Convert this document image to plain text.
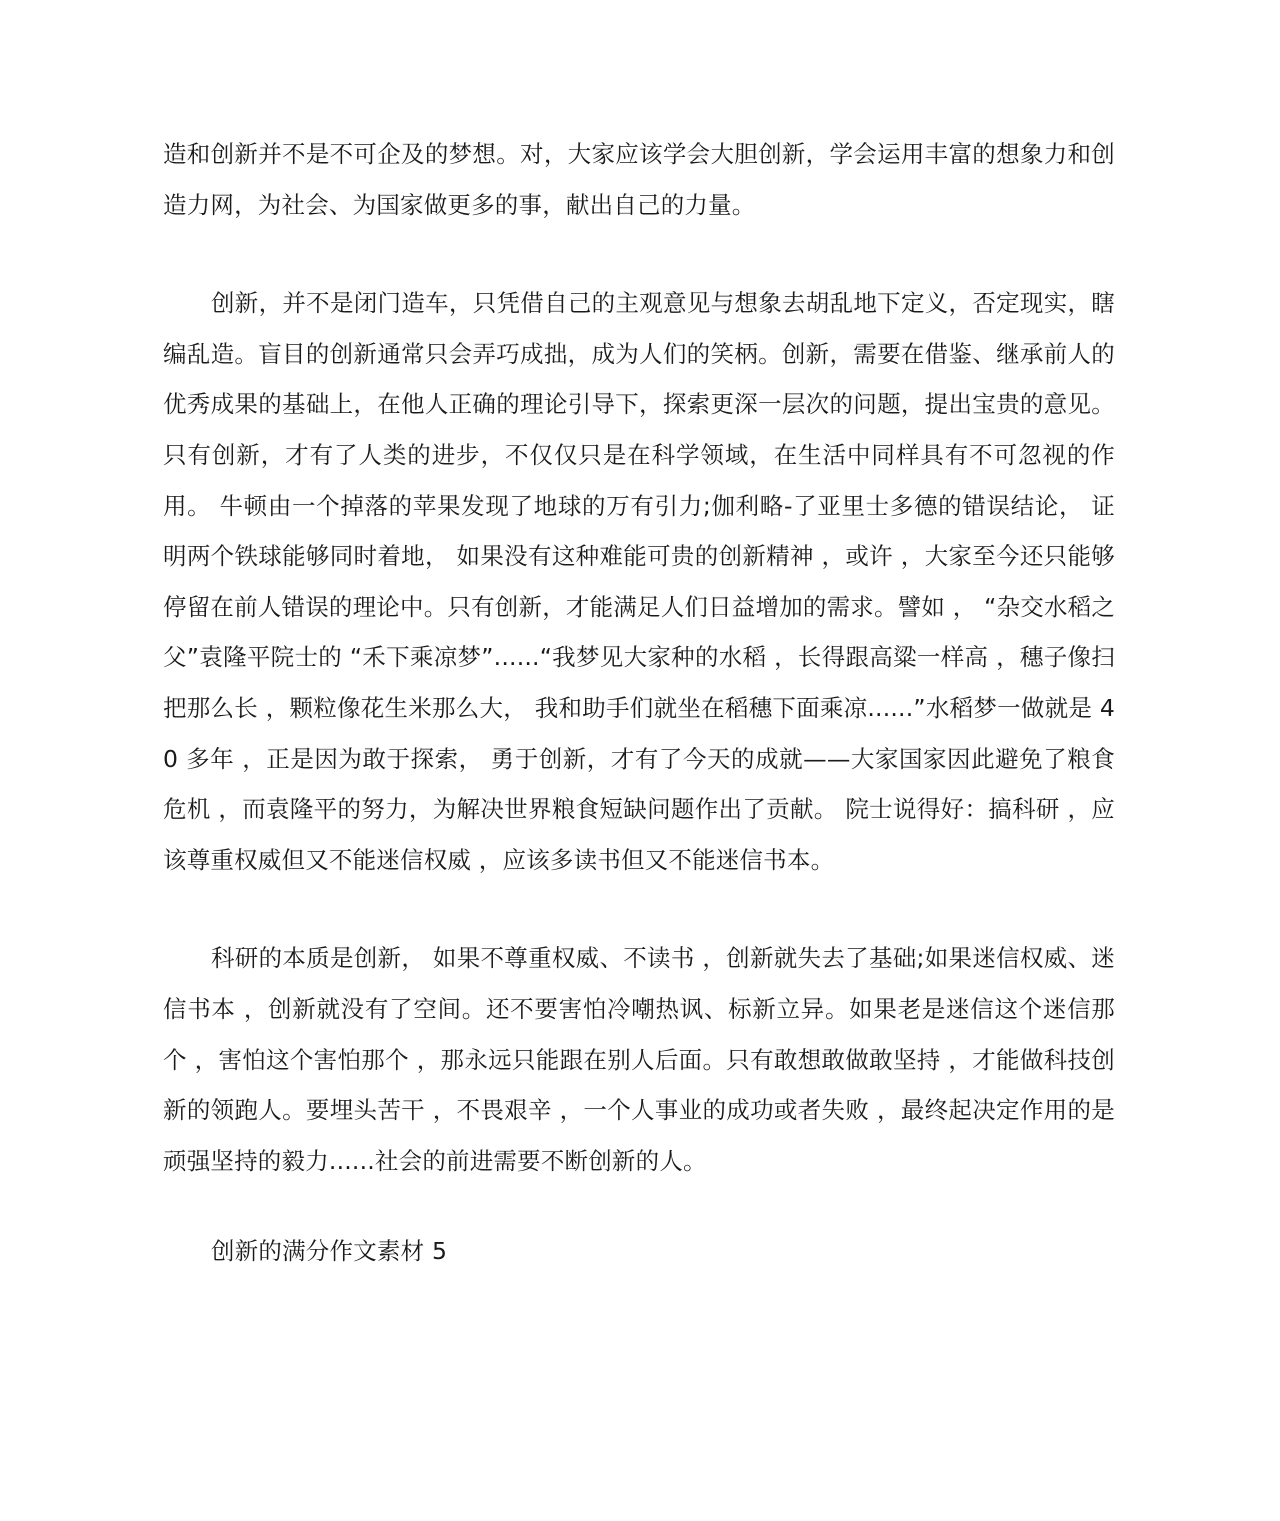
造和创新并不是不可企及的梦想。对，大家应该学会大胆创新，学会运用丰富的想象力和创造力网，为社会、为国家做更多的事，献出自己的力量。

创新，并不是闭门造车，只凭借自己的主观意见与想象去胡乱地下定义，否定现实，瞎编乱造。盲目的创新通常只会弄巧成拙，成为人们的笑柄。创新，需要在借鉴、继承前人的优秀成果的基础上，在他人正确的理论引导下，探索更深一层次的问题，提出宝贵的意见。只有创新，才有了人类的进步，不仅仅只是在科学领域，在生活中同样具有不可忽视的作用。 牛顿由一个掉落的苹果发现了地球的万有引力;伽利略-了亚里士多德的错误结论， 证明两个铁球能够同时着地， 如果没有这种难能可贵的创新精神 ，或许 ，大家至今还只能够停留在前人错误的理论中。只有创新，才能满足人们日益增加的需求。譬如 ， “杂交水稻之父”袁隆平院士的 “禾下乘凉梦”......“我梦见大家种的水稻 ，长得跟高粱一样高 ，穗子像扫把那么长 ，颗粒像花生米那么大， 我和助手们就坐在稻穗下面乘凉......”水稻梦一做就是 40 多年 ，正是因为敢于探索， 勇于创新，才有了今天的成就——大家国家因此避免了粮食危机 ，而袁隆平的努力，为解决世界粮食短缺问题作出了贡献。 院士说得好：搞科研 ，应该尊重权威但又不能迷信权威 ，应该多读书但又不能迷信书本。

科研的本质是创新， 如果不尊重权威、不读书 ，创新就失去了基础;如果迷信权威、迷信书本 ，创新就没有了空间。还不要害怕冷嘲热讽、标新立异。如果老是迷信这个迷信那个 ，害怕这个害怕那个 ，那永远只能跟在别人后面。只有敢想敢做敢坚持 ，才能做科技创新的领跑人。要埋头苦干 ，不畏艰辛 ，一个人事业的成功或者失败 ，最终起决定作用的是顽强坚持的毅力......社会的前进需要不断创新的人。

创新的满分作文素材 5
